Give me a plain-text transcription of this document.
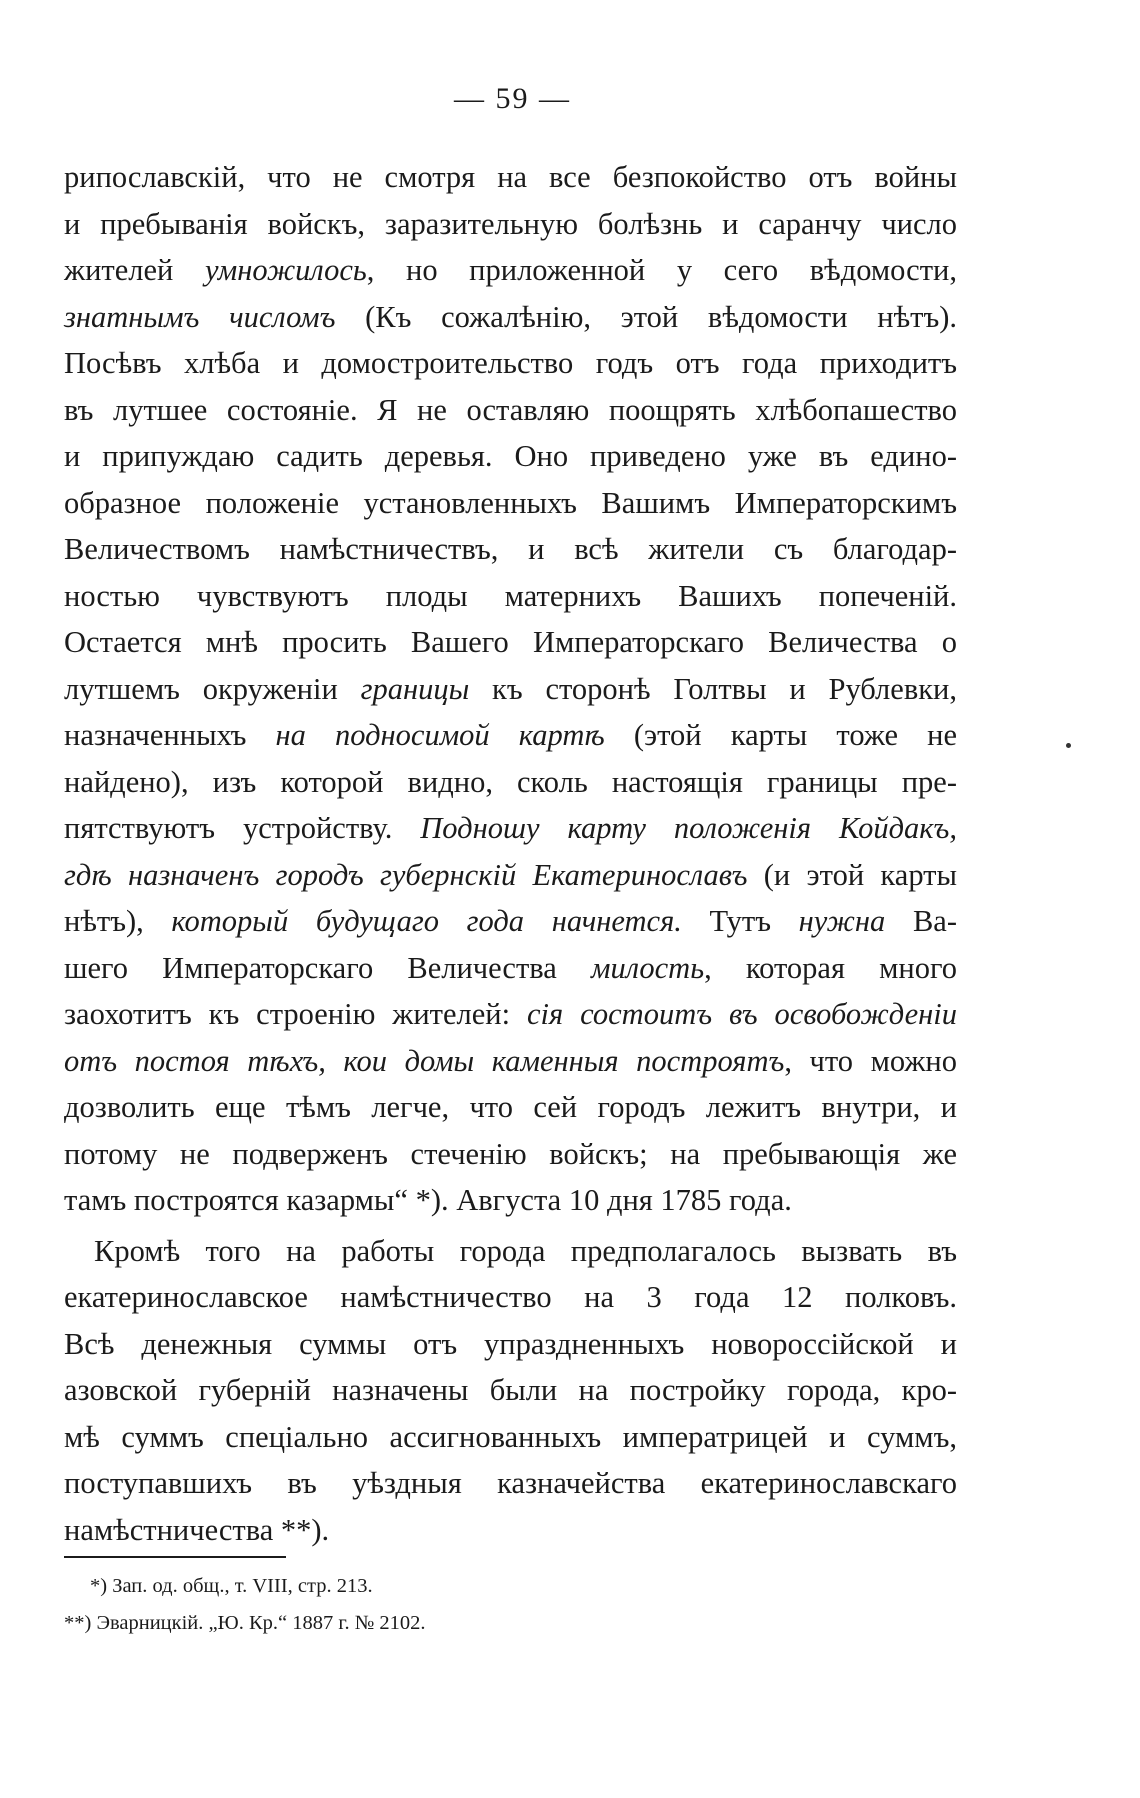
— 59 —
рипославскій, что не смотря на все безпокойство отъ войны
и пребыванія войскъ, заразительную болѣзнь и саранчу число
жителей умножилось, но приложенной у сего вѣдомости,
знатнымъ числомъ (Къ сожалѣнію, этой вѣдомости нѣтъ).
Посѣвъ хлѣба и домостроительство годъ отъ года приходитъ
въ лутшее состояніе. Я не оставляю поощрять хлѣбопашество
и припуждаю садить деревья. Оно приведено уже въ едино-
образное положеніе установленныхъ Вашимъ Императорскимъ
Величествомъ намѣстничествъ, и всѣ жители съ благодар-
ностью чувствуютъ плоды матернихъ Вашихъ попеченій.
Остается мнѣ просить Вашего Императорскаго Величества о
лутшемъ окруженіи границы къ сторонѣ Голтвы и Рублевки,
назначенныхъ на подносимой картѣ (этой карты тоже не
найдено), изъ которой видно, сколь настоящія границы пре-
пятствуютъ устройству. Подношу карту положенія Койдакъ,
гдѣ назначенъ городъ губернскій Екатеринославъ (и этой карты
нѣтъ), который будущаго года начнется. Тутъ нужна Ва-
шего Императорскаго Величества милость, которая много
заохотитъ къ строенію жителей: сія состоитъ въ освобожденіи
отъ постоя тѣхъ, кои домы каменныя построятъ, что можно
дозволить еще тѣмъ легче, что сей городъ лежитъ внутри, и
потому не подверженъ стеченію войскъ; на пребывающія же
тамъ построятся казармы“ *). Августа 10 дня 1785 года.
Кромѣ того на работы города предполагалось вызвать въ
екатеринославское намѣстничество на 3 года 12 полковъ.
Всѣ денежныя суммы отъ упраздненныхъ новороссійской и
азовской губерній назначены были на постройку города, кро-
мѣ суммъ спеціально ассигнованныхъ императрицей и суммъ,
поступавшихъ въ уѣздныя казначейства екатеринославскаго
намѣстничества **).
*) Зап. од. общ., т. VIII, стр. 213.
**) Эварницкій. „Ю. Кр.“ 1887 г. № 2102.
